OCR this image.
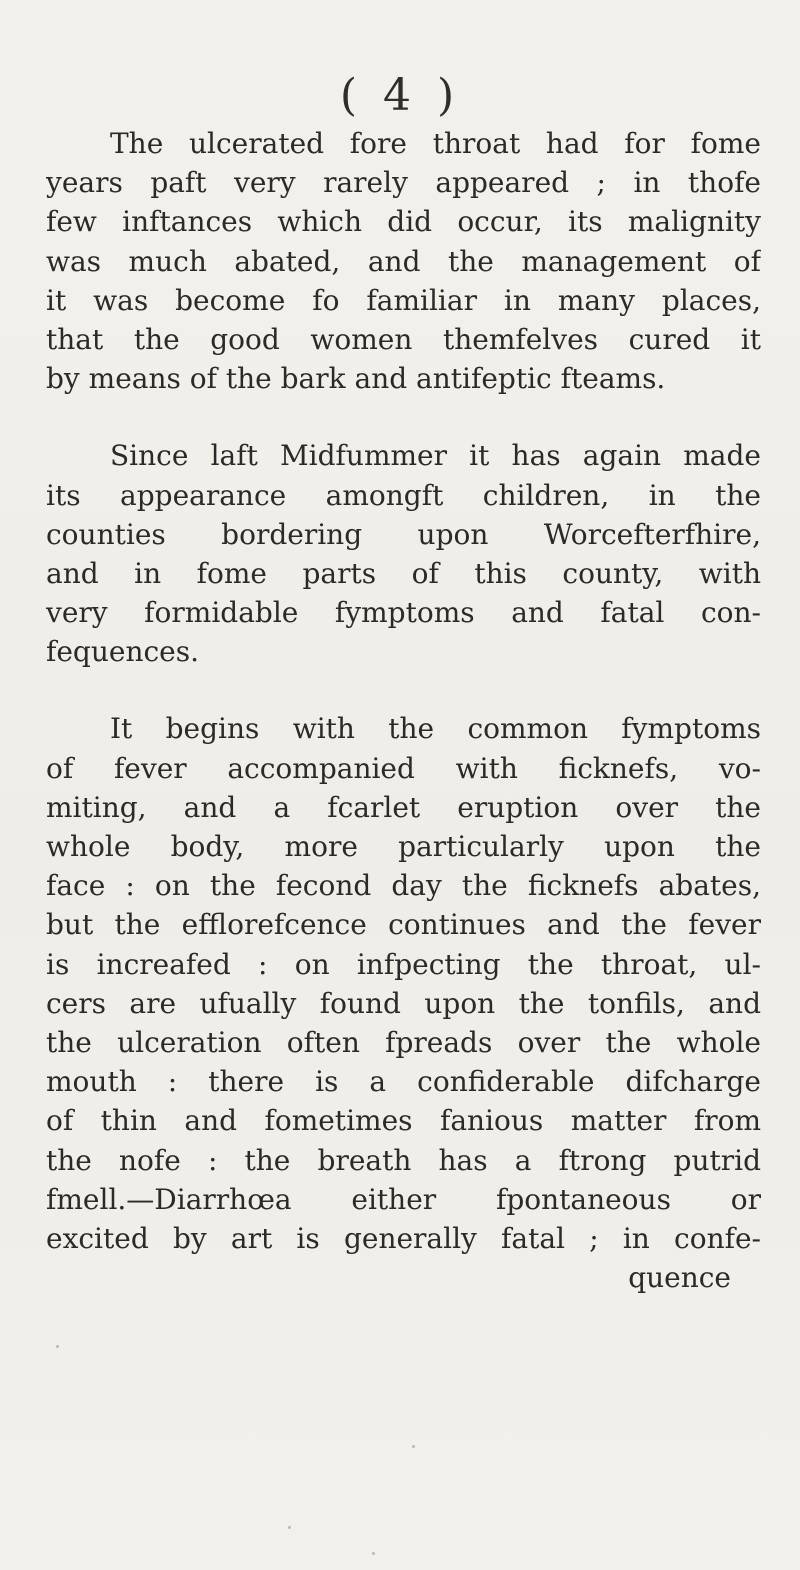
( 4 )

The ulcerated fore throat had for fome
years paft very rarely appeared ; in thofe
few inftances which did occur, its malignity
was much abated, and the management of
it was become fo familiar in many places,
that the good women themfelves cured it
by means of the bark and antifeptic fteams.

Since laft Midfummer it has again made
its appearance amongft children, in the
counties bordering upon Worcefterfhire,
and in fome parts of this county, with
very formidable fymptoms and fatal con-
fequences.

It begins with the common fymptoms
of fever accompanied with ficknefs, vo-
miting, and a fcarlet eruption over the
whole body, more particularly upon the
face : on the fecond day the ficknefs abates,
but the efflorefcence continues and the fever
is increafed : on infpecting the throat, ul-
cers are ufually found upon the tonfils, and
the ulceration often fpreads over the whole
mouth : there is a confiderable difcharge
of thin and fometimes fanious matter from
the nofe : the breath has a ftrong putrid
fmell.—Diarrhœa either fpontaneous or
excited by art is generally fatal ; in confe-

quence
